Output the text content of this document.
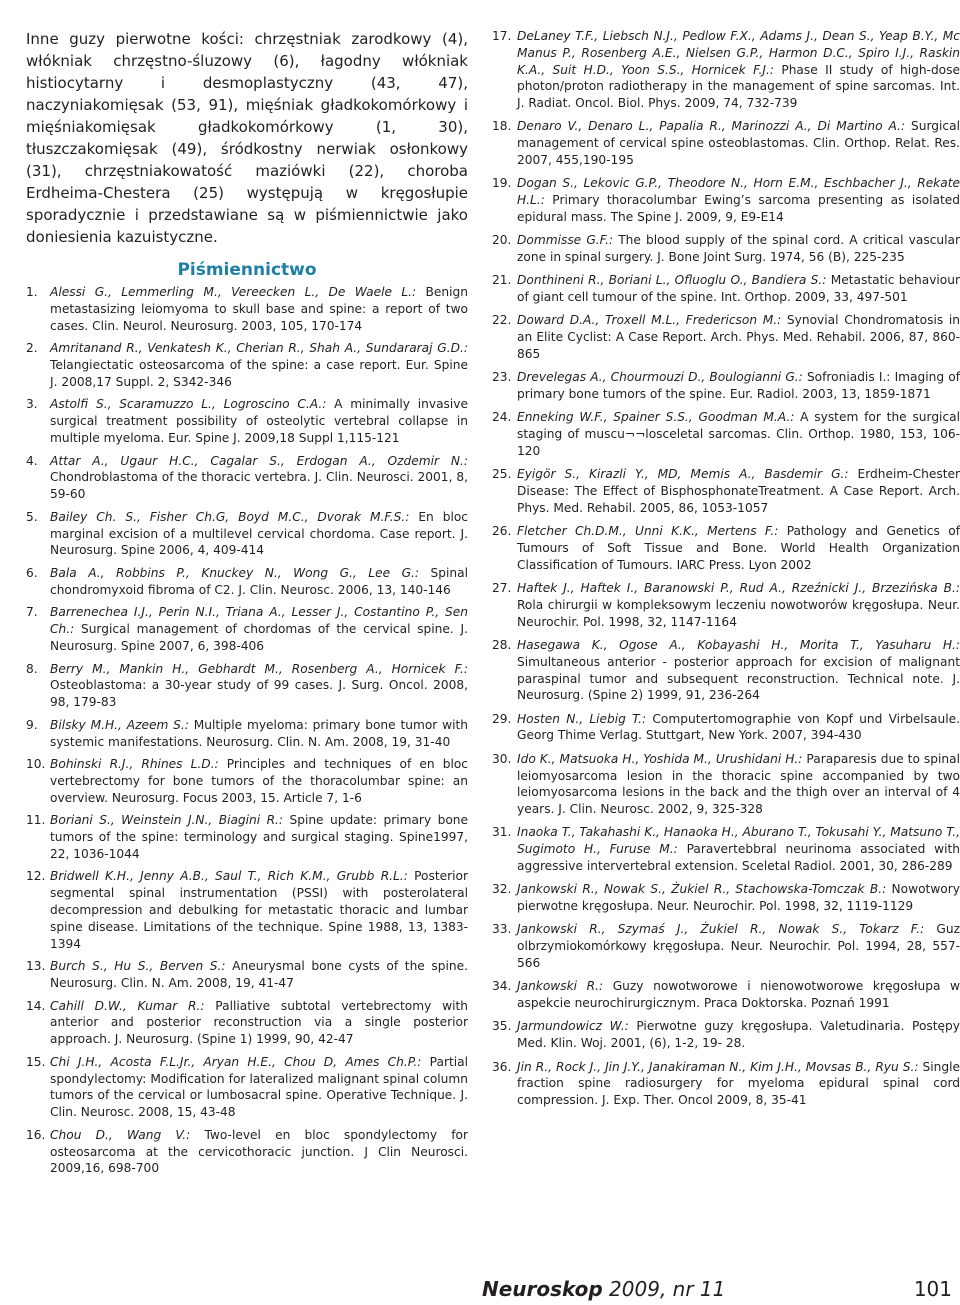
Inne guzy pierwotne kości: chrzęstniak zarodkowy (4), włókniak chrzęstno-śluzowy (6), łagodny włókniak histiocytarny i desmoplastyczny (43, 47), naczyniakomięsak (53, 91), mięśniak gładkokomórkowy i mięśniakomięsak gładkokomórkowy (1, 30), tłuszczakomięsak (49), śródkostny nerwiak osłonkowy (31), chrzęstniakowatość maziówki (22), choroba Erdheima-Chestera (25) występują w kręgosłupie sporadycznie i przedstawiane są w piśmiennictwie jako doniesienia kazuistyczne.

Piśmiennictwo
1.	Alessi G., Lemmerling M., Vereecken L., De Waele L.: Benign metastasizing leiomyoma to skull base and spine: a report of two cases. Clin. Neurol. Neurosurg. 2003, 105, 170-174
2.	Amritanand R., Venkatesh K., Cherian R., Shah A., Sundararaj G.D.: Telangiectatic osteosarcoma of the spine: a case report. Eur. Spine J. 2008,17 Suppl. 2, S342-346
3.	Astolfi S., Scaramuzzo L., Logroscino C.A.: A minimally invasive surgical treatment possibility of osteolytic vertebral collapse in multiple myeloma. Eur. Spine J. 2009,18 Suppl 1,115-121
4.	Attar A., Ugaur H.C., Cagalar S., Erdogan A., Ozdemir N.: Chondroblastoma of the thoracic vertebra. J. Clin. Neurosci. 2001, 8, 59-60
5.	Bailey Ch. S., Fisher Ch.G, Boyd M.C., Dvorak M.F.S.: En bloc marginal excision of a multilevel cervical chordoma. Case report. J. Neurosurg. Spine 2006, 4, 409-414
6.	Bala A., Robbins P., Knuckey N., Wong G., Lee G.: Spinal chondromyxoid fibroma of C2. J. Clin. Neurosc. 2006, 13, 140-146
7.	Barrenechea I.J., Perin N.I., Triana A., Lesser J., Costantino P., Sen Ch.: Surgical management of chordomas of the cervical spine. J. Neurosurg. Spine 2007, 6, 398-406
8.	Berry M., Mankin H., Gebhardt M., Rosenberg A., Hornicek F.: Osteoblastoma: a 30-year study of 99 cases. J. Surg. Oncol. 2008, 98, 179-83
9.	Bilsky M.H., Azeem S.: Multiple myeloma: primary bone tumor with systemic manifestations. Neurosurg. Clin. N. Am. 2008, 19, 31-40
10. Bohinski R.J., Rhines L.D.: Principles and techniques of en bloc vertebrectomy for bone tumors of the thoracolumbar spine: an overview. Neurosurg. Focus 2003, 15. Article 7, 1-6
11. Boriani S., Weinstein J.N., Biagini R.: Spine update: primary bone tumors of the spine: terminology and surgical staging. Spine1997, 22, 1036-1044
12. Bridwell K.H., Jenny A.B., Saul T., Rich K.M., Grubb R.L.: Posterior segmental spinal instrumentation (PSSI) with posterolateral decompression and debulking for metastatic thoracic and lumbar spine disease. Limitations of the technique. Spine 1988, 13, 1383-1394
13. Burch S., Hu S., Berven S.: Aneurysmal bone cysts of the spine. Neurosurg. Clin. N. Am. 2008, 19, 41-47
14. Cahill D.W., Kumar R.: Palliative subtotal vertebrectomy with anterior and posterior reconstruction via a single posterior approach. J. Neurosurg. (Spine 1) 1999, 90, 42-47
15. Chi J.H., Acosta F.L.Jr., Aryan H.E., Chou D, Ames Ch.P.: Partial spondylectomy: Modification for lateralized malignant spinal column tumors of the cervical or lumbosacral spine. Operative Technique. J. Clin. Neurosc. 2008, 15, 43-48
16. Chou D., Wang V.: Two-level en bloc spondylectomy for osteosarcoma at the cervicothoracic junction. J Clin Neurosci. 2009,16, 698-700
17. DeLaney T.F., Liebsch N.J., Pedlow F.X., Adams J., Dean S., Yeap B.Y., Mc Manus P., Rosenberg A.E., Nielsen G.P., Harmon D.C., Spiro I.J., Raskin K.A., Suit H.D., Yoon S.S., Hornicek F.J.: Phase II study of high-dose photon/proton radiotherapy in the management of spine sarcomas. Int. J. Radiat. Oncol. Biol. Phys. 2009, 74, 732-739
18. Denaro V., Denaro L., Papalia R., Marinozzi A., Di Martino A.: Surgical management of cervical spine osteoblastomas. Clin. Orthop. Relat. Res. 2007, 455,190-195
19. Dogan S., Lekovic G.P., Theodore N., Horn E.M., Eschbacher J., Rekate H.L.: Primary thoracolumbar Ewing’s sarcoma presenting as isolated epidural mass. The Spine J. 2009, 9, E9-E14
20. Dommisse G.F.: The blood supply of the spinal cord. A critical vascular zone in spinal surgery. J. Bone Joint Surg. 1974, 56 (B), 225-235
21. Donthineni R., Boriani L., Ofluoglu O., Bandiera S.: Metastatic behaviour of giant cell tumour of the spine. Int. Orthop. 2009, 33, 497-501
22. Doward D.A., Troxell M.L., Fredericson M.: Synovial Chondromatosis in an Elite Cyclist: A Case Report. Arch. Phys. Med. Rehabil. 2006, 87, 860-865
23. Drevelegas A., Chourmouzi D., Boulogianni G.: Sofroniadis I.: Imaging of primary bone tumors of the spine. Eur. Radiol. 2003, 13, 1859-1871
24. Enneking W.F., Spainer S.S., Goodman M.A.: A system for the surgical staging of muscu¬¬losceletal sarcomas. Clin. Orthop. 1980, 153, 106-120
25. Eyigör S., Kirazli Y., MD, Memis A., Basdemir G.: Erdheim-Chester Disease: The Effect of BisphosphonateTreatment. A Case Report. Arch. Phys. Med. Rehabil. 2005, 86, 1053-1057
26. Fletcher Ch.D.M., Unni K.K., Mertens F.: Pathology and Genetics of Tumours of Soft Tissue and Bone. World Health Organization Classification of Tumours. IARC Press. Lyon 2002
27. Haftek J., Haftek I., Baranowski P., Rud A., Rzeźnicki J., Brzezińska B.: Rola chirurgii w kompleksowym leczeniu nowotworów kręgosłupa. Neur. Neurochir. Pol. 1998, 32, 1147-1164
28. Hasegawa K., Ogose A., Kobayashi H., Morita T., Yasuharu H.: Simultaneous anterior - posterior approach for excision of malignant paraspinal tumor and subsequent reconstruction. Technical note. J. Neurosurg. (Spine 2) 1999, 91, 236-264
29. Hosten N., Liebig T.: Computertomographie von Kopf und Virbelsaule. Georg Thime Verlag. Stuttgart, New York. 2007, 394-430
30. Ido K., Matsuoka H., Yoshida M., Urushidani H.: Paraparesis due to spinal leiomyosarcoma lesion in the thoracic spine accompanied by two leiomyosarcoma lesions in the back and the thigh over an interval of 4 years. J. Clin. Neurosc. 2002, 9, 325-328
31. Inaoka T., Takahashi K., Hanaoka H., Aburano T., Tokusahi Y., Matsuno T., Sugimoto H., Furuse M.: Paravertebbral neurinoma associated with aggressive intervertebral extension. Sceletal Radiol. 2001, 30, 286-289
32. Jankowski R., Nowak S., Żukiel R., Stachowska-Tomczak B.: Nowotwory pierwotne kręgosłupa. Neur. Neurochir. Pol. 1998, 32, 1119-1129
33. Jankowski R., Szymaś J., Żukiel R., Nowak S., Tokarz F.: Guz olbrzymiokomórkowy kręgosłupa. Neur. Neurochir. Pol. 1994, 28, 557-566
34. Jankowski R.: Guzy nowotworowe i nienowotworowe kręgosłupa w aspekcie neurochirurgicznym. Praca Doktorska. Poznań 1991
35. Jarmundowicz W.: Pierwotne guzy kręgosłupa. Valetudinaria. Postępy Med. Klin. Woj. 2001, (6), 1-2, 19- 28.
36. Jin R., Rock J., Jin J.Y., Janakiraman N., Kim J.H., Movsas B., Ryu S.: Single fraction spine radiosurgery for myeloma epidural spinal cord compression. J. Exp. Ther. Oncol 2009, 8, 35-41
Neuroskop 2009, nr 11	101
